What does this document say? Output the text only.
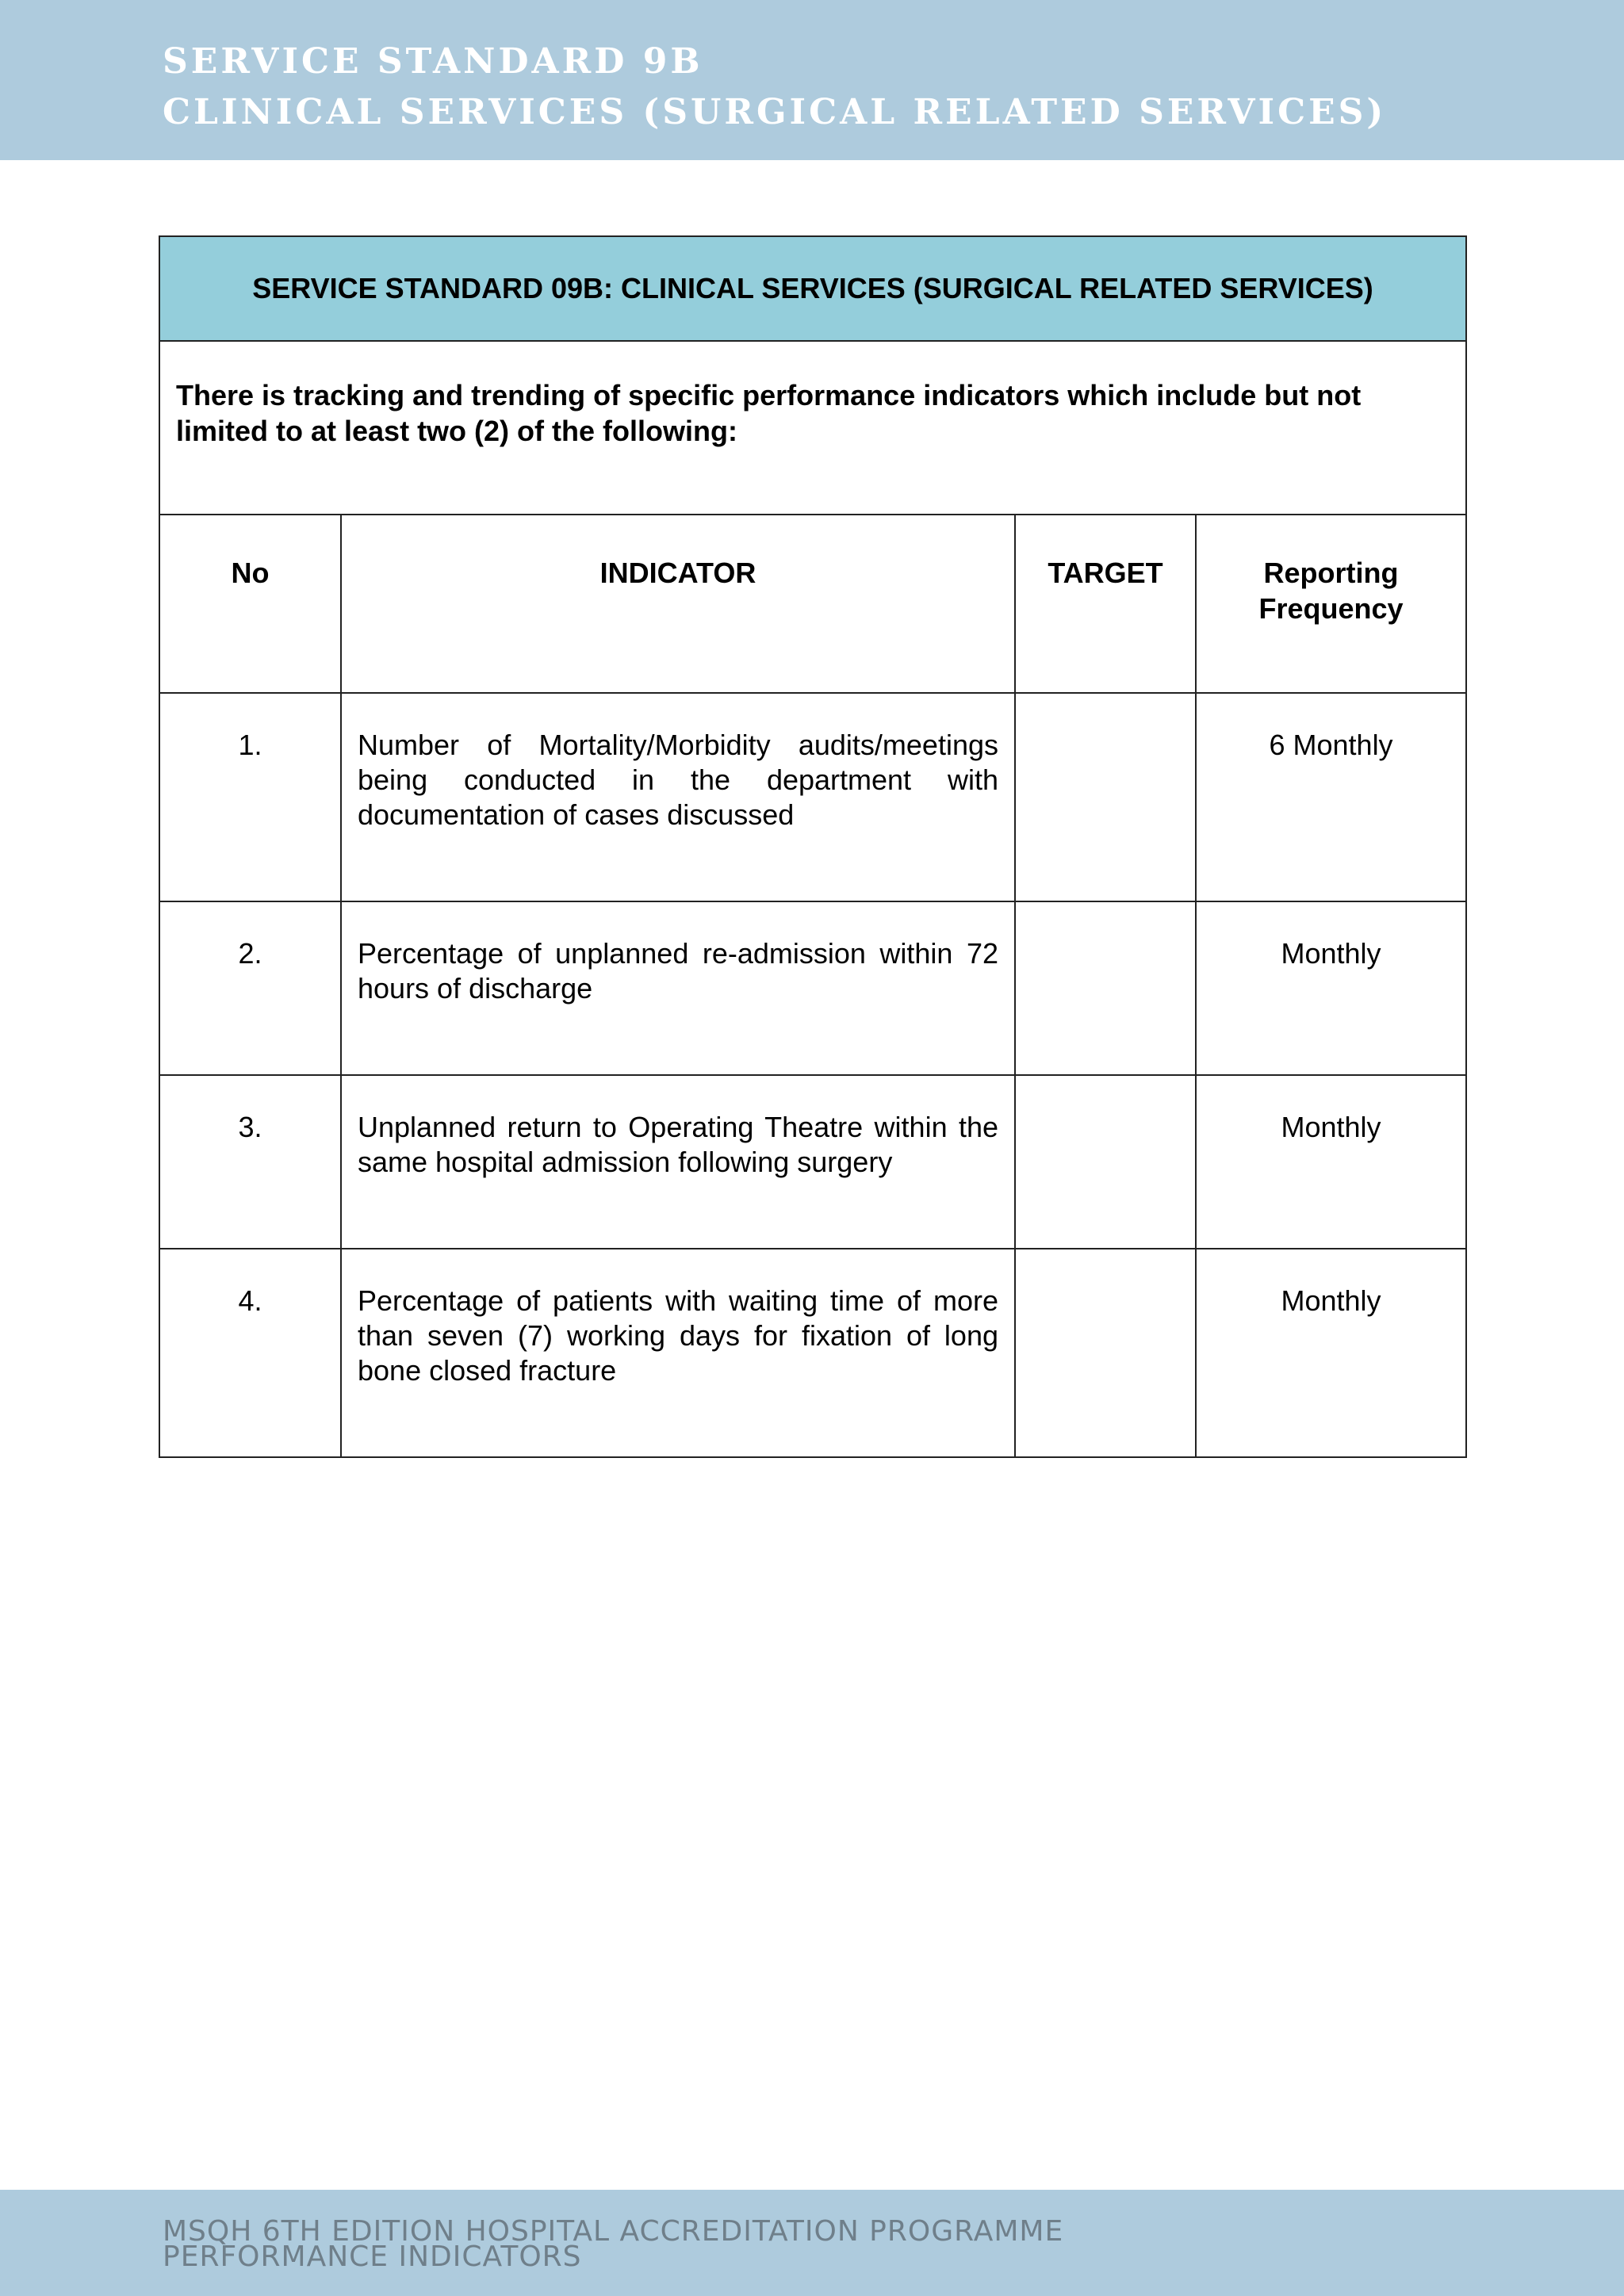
SERVICE STANDARD 9B
CLINICAL SERVICES (SURGICAL RELATED SERVICES)
SERVICE STANDARD 09B: CLINICAL SERVICES (SURGICAL RELATED SERVICES)			
There is tracking and trending of specific performance indicators which include but not limited to at least two (2) of the following:			
No	INDICATOR	TARGET	Reporting Frequency
1.	Number of Mortality/Morbidity audits/meetings being conducted in the department with documentation of cases discussed		6 Monthly
2.	Percentage of unplanned re-admission within 72 hours of discharge		Monthly
3.	Unplanned return to Operating Theatre within the same hospital admission following surgery		Monthly
4.	Percentage of patients with waiting time of more than seven (7) working days for fixation of long bone closed fracture		Monthly
MSQH 6TH EDITION HOSPITAL ACCREDITATION PROGRAMME
PERFORMANCE INDICATORS
